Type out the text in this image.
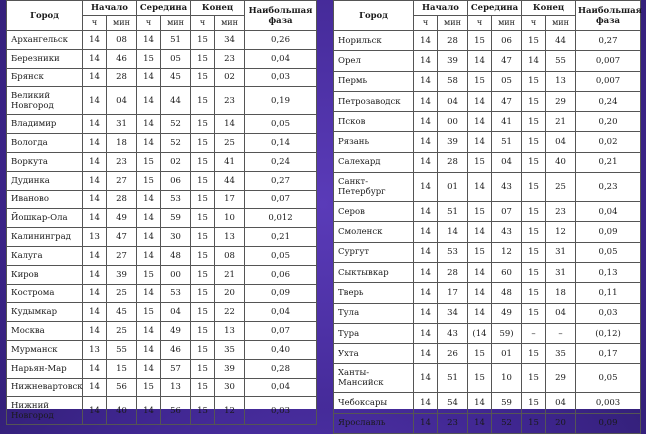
Город	Начало		Середина		Конец		Наибольшая
фаза
	ч	мин	ч	мин	ч	мин	
Архангельск	14	08	14	51	15	34	0,26
Березники	14	46	15	05	15	23	0,04
Брянск	14	28	14	45	15	02	0,03
Великий Новгород	14	04	14	44	15	23	0,19
Владимир	14	31	14	52	15	14	0,05
Вологда	14	18	14	52	15	25	0,14
Воркута	14	23	15	02	15	41	0,24
Дудинка	14	27	15	06	15	44	0,27
Иваново	14	28	14	53	15	17	0,07
Йошкар-Ола	14	49	14	59	15	10	0,012
Калининград	13	47	14	30	15	13	0,21
Калуга	14	27	14	48	15	08	0,05
Киров	14	39	15	00	15	21	0,06
Кострома	14	25	14	53	15	20	0,09
Кудымкар	14	45	15	04	15	22	0,04
Москва	14	25	14	49	15	13	0,07
Мурманск	13	55	14	46	15	35	0,40
Нарьян-Мар	14	15	14	57	15	39	0,28
Нижневартовск	14	56	15	13	15	30	0,04
Нижний Новгород	14	40	14	56	15	12	0,03
Город	Начало		Середина		Конец		Наибольшая
фаза
	ч	мин	ч	мин	ч	мин	
Норильск	14	28	15	06	15	44	0,27
Орел	14	39	14	47	14	55	0,007
Пермь	14	58	15	05	15	13	0,007
Петрозаводск	14	04	14	47	15	29	0,24
Псков	14	00	14	41	15	21	0,20
Рязань	14	39	14	51	15	04	0,02
Салехард	14	28	15	04	15	40	0,21
Санкт-Петербург	14	01	14	43	15	25	0,23
Серов	14	51	15	07	15	23	0,04
Смоленск	14	14	14	43	15	12	0,09
Сургут	14	53	15	12	15	31	0,05
Сыктывкар	14	28	14	60	15	31	0,13
Тверь	14	17	14	48	15	18	0,11
Тула	14	34	14	49	15	04	0,03
Тура	14	43	(14	59)	–	–	(0,12)
Ухта	14	26	15	01	15	35	0,17
Ханты-Мансийск	14	51	15	10	15	29	0,05
Чебоксары	14	54	14	59	15	04	0,003
Ярославль	14	23	14	52	15	20	0,09
